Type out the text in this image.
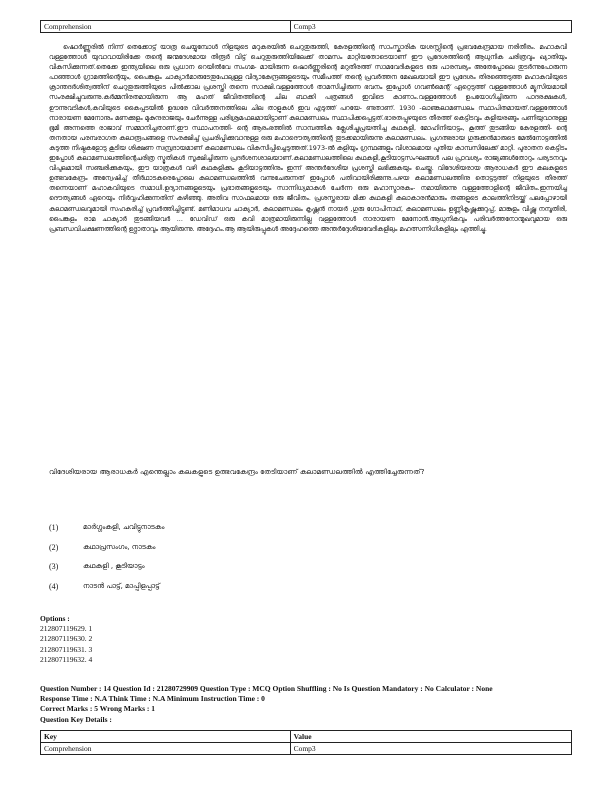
Comprehension	Comp3
ഷൊർണ്ണൂരിൽ നിന്ന് തെക്കോട്ട് യാത്ര ചെയ്യുമ്പോൾ നിളയുടെ മറുകരയിൽ ചെറുതുരുത്തി, കേരളത്തിന്റെ സാംസ്കാരിക യശസ്സിന്റെ പ്രഭവകേന്ദ്രമായ നരിതീരം. മഹാകവി വള്ളത്തോൾ യുവാവായിരിക്കേ തന്റെ ജന്മദേശമായ തിരൂർ വിട്ട് ചെറുതുരുത്തിയിലേക്ക് താമസം മാറ്റിയതോടെയാണ് ഈ പ്രദേശത്തിന്റെ ആധുനിക ചരിത്രവും ഖ്യാതിയും വികസിക്കുന്നത്.തെക്കേ ഇന്ത്യയിലെ ഒരു പ്രധാന റെയിൽവേ സംഗമ- മായിരുന്ന ഷൊർണ്ണൂരിന്റെ മറുതീരത്ത് സാമവേദികളുടെ ഒരു പാരമ്പര്യം അതേപ്പോലെ തുടർന്നുപോരുന്ന പാഞ്ഞാൾ ഗ്രാമത്തിന്റെയും, പൈങ്കുളം ചാക്യാർമാരുടേതുപോലുള്ള വിദ്യാകേന്ദ്രങ്ങളുടെയും സമീപത്ത് തന്റെ പ്രവർത്തന മേഖലയായി ഈ പ്രദേശം തിരഞ്ഞെടുത്ത മഹാകവിയുടെ ക്രാന്തദർശിത്വത്തിന് ചെറുതുരുത്തിയുടെ പിൽക്കാല പ്രശസ്തി തന്നെ സാക്ഷി.വള്ളത്തോൾ താമസിച്ചിരുന്ന ഭവനം ഇപ്പോൾ ഗവൺമെന്റ് ഏറ്റെടുത്ത് വള്ളത്തോൾ മ്യൂസിയമായി സംരക്ഷിച്ചുവരുന്നു.കർമ്മനിരതമായിരുന്ന ആ മഹത് ജീവിതത്തിന്റെ ചില ബാക്കി പത്രങ്ങൾ ഇവിടെ കാണാം.വള്ളത്തോൾ ഉപയോഗിച്ചിരുന്ന പാദരക്ഷകൾ, ഊന്നുവടികൾ,കവിയുടെ കൈപ്പടയിൽ ഉദ്ധരേ വിവർത്തനത്തിലെ ചില താളുകൾ ഇവ എടുത്ത് പറയേ- ണ്ടതാണ്. 1930 -ലാണ്കലാമണ്ഡലം സ്ഥാപിതമായത്.വള്ളത്തോൾ നാരായണ മേനോനും മണക്കുളം മുകുന്ദരാജയും ചേർന്നുള്ള പരിശ്രമഫലമായിട്ടാണ് കലാമണ്ഡലം സ്ഥാപിക്കപ്പെട്ടത്.ഭാരതപ്പുഴയുടെ തീരത്ത് കെട്ടിടവും കളിയരങ്ങും പണിയുവാനുള്ള ഭൂമി അന്നത്തെ രാജാവ് സമ്മാനിച്ചതാണ്.ഈ സ്ഥാപനത്തി- ന്റെ ആരംഭത്തിൽ സാമ്പത്തിക ക്ലേശിച്ചുപ്രയത്നിച്ച കഥകളി, മോഹിനിയാട്ടം, കൂത്ത് തുടങ്ങിയ കേരളത്തി- ന്റെ തനതായ പരമ്പരാഗത കലാരൂപങ്ങളെ സംരക്ഷിച്ച് പ്രചരിപ്പിക്കുവാനുള്ള ഒരു മഹാദൌത്യത്തിന്റെ തുടക്കമായിരുന്നു കലാമണ്ഡലം. പ്രഗത്ഭരായ ഗുരുക്കൻമാരുടെ മേൽനോട്ടത്തിൽ കടുത്ത നിഷ്ഠകളോടു കൂടിയ ശിക്ഷണ സമ്പ്രദായമാണ് കലാമണ്ഡലം വികസിപ്പിച്ചെടുത്തത്.1973-ൽ കളിയും ഗ്രന്ഥങ്ങളും വിശാലമായ പുതിയ കാമ്പസിലേക്ക് മാറ്റി. പുരാതന കെട്ടിടം ഇപ്പോൾ കലാമണ്ഡലത്തിന്റെചരിത്ര സ്മൃതികൾ സൂക്ഷിച്ചിരുന്ന പ്രദർശനശാലയാണ്.കലാമണ്ഡലത്തിലെ കഥകളി,കൂടിയാട്ടസംഘങ്ങൾ പല പ്രാവശ്യം രാജ്യങ്ങൾതോറും പര്യടനവും വിപുലമായി സഞ്ചരിക്കുകയും, ഈ യാത്രകൾ വഴി കഥകളിക്കും കൂടിയാട്ടത്തിനും ഇന്ന് അന്തർദേശീയ പ്രശസ്തി ലഭിക്കുകയും ചെയ്തു. വിദേശിയരായ ആരാധകർ ഈ കലകളുടെ ഉത്ഭവകേന്ദ്രം അന്വേഷിച്ച് തീർഥാടകരെപ്പോലെ കലാമണ്ഡലത്തിൽ വന്നുചേരുന്നത് ഇപ്പോൾ പതിവായിരിക്കുന്നു.പഴയ കലാമണ്ഡലത്തിനു തൊട്ടടുത്ത് നിളയുടെ തീരത്ത് തന്നെയാണ് മഹാകവിയുടെ സമാധി.ഉദ്യാനങ്ങളുടെയും പ്രഭാതങ്ങളുടെയും സാന്നിധ്യമാകൾ ചേർന്ന ഒരു മഹാസ്മാരകം- നമായിരുന്നു വള്ളത്തോളിന്റെ ജീവിതം.ഇന്നയിച്ച ദൌത്യങ്ങൾ ഏറെയും നിർവ്വഹിക്കുന്നതിന് കഴിഞ്ഞു. അതിവ സാഫലമായ ഒരു ജീവിതം. പ്രശസ്തരായ മിക്ക കഥകളി കലാകാരൻമാരും തങ്ങളുടെ കാലത്തിനിടയ്ക്ക് പലപ്പോഴായി കലാമണ്ഡലവുമായി സഹകരിച്ച് പ്രവർത്തിച്ചിട്ടുണ്ട്. മണിമാധവ ചാക്യാർ, കലാമണ്ഡലം കൃഷ്ണൻ നായർ ,ഗുരു ഗോപിനാഥ്, കലാമണ്ഡലം ഉണ്ണികൃഷ്ണക്കുറുപ്പ്, മാങ്കുളം വിഷ്ണു നമ്പൂതിരി, പൈങ്കുളം രാമ ചാക്യാർ തുടങ്ങിയവർ ... ഡേവിഡ്‌ ഒരു കവി മാത്രമായിരുന്നില്ല വള്ളത്തോൾ നാരായണ മേനോൻ.ആധുനികവും പരിവർത്തനോന്മുഖവുമായ ഒരു പ്രബന്ധവിചക്ഷണത്തിന്റെ ഉദ്ഗാതാവും ആയിരുന്നു. അദ്ദേഹം.ആ ആയിരുപ്പുകൾ അദ്ദേഹത്തെ അന്തർദ്ദേശീയവേദികളിലും മഹത്സന്നിധികളിലും എത്തിച്ചു.
വിദേശിയരായ ആരാധകർ എന്തെല്ലാം കലകളുടെ ഉത്ഭവകേന്ദ്രം തേടിയാണ് കലാമണ്ഡലത്തിൽ എത്തിച്ചേരുന്നത്?
(1)	മാർഗ്ഗംകളി, ചവിട്ടുനാടകം
(2)	കഥാപ്രസംഗം, നാടകം
(3)	കഥകളി , കൂടിയാട്ടം
(4)	നാടൻ പാട്ട്, മാപ്പിളപ്പാട്ട്
Options :
212807119629. 1
212807119630. 2
212807119631. 3
212807119632. 4
Question Number : 14 Question Id : 21280729909 Question Type : MCQ Option Shuffling : No Is Question Mandatory : No Calculator : None
Response Time : N.A Think Time : N.A Minimum Instruction Time : 0
Correct Marks : 5 Wrong Marks : 1
Question Key Details :
Key	Value
Comprehension	Comp3
